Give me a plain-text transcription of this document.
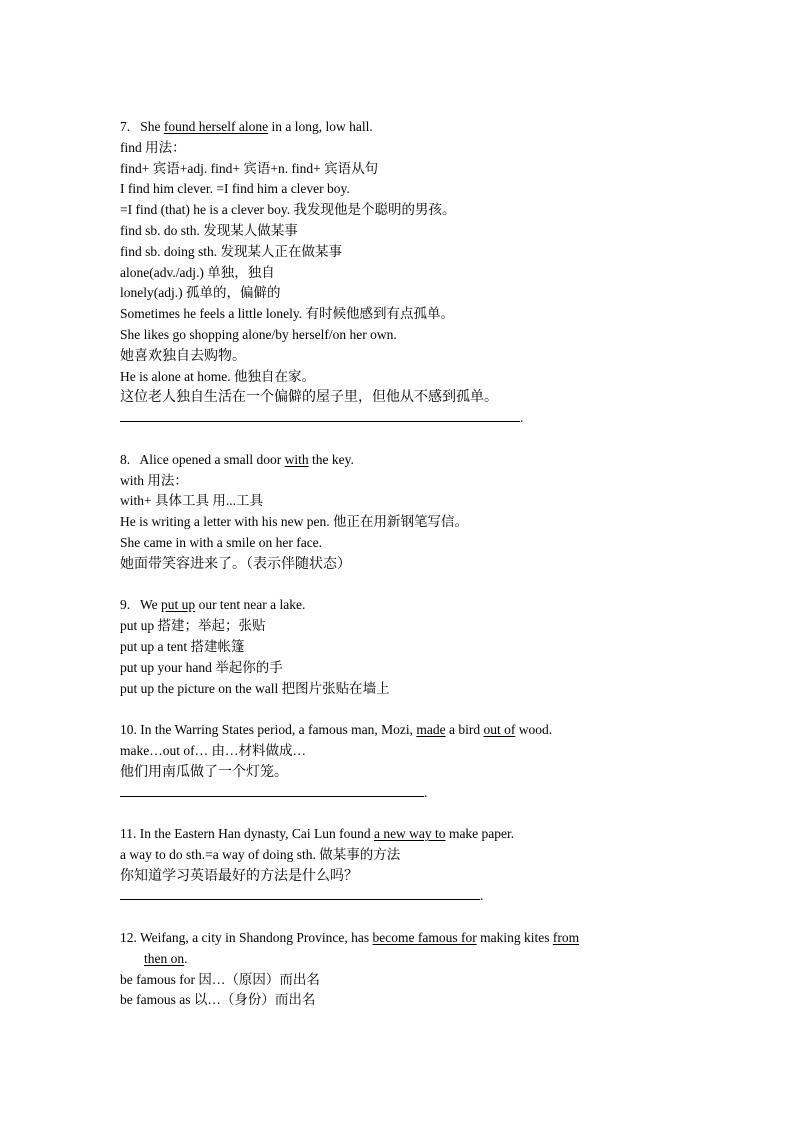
7. She found herself alone in a long, low hall.
find 用法：
find+ 宾语+adj. find+ 宾语+n. find+ 宾语从句
I find him clever. =I find him a clever boy.
=I find (that) he is a clever boy. 我发现他是个聪明的男孩。
find sb. do sth. 发现某人做某事
find sb. doing sth. 发现某人正在做某事
alone(adv./adj.) 单独，独自
lonely(adj.) 孤单的，偏僻的
Sometimes he feels a little lonely. 有时候他感到有点孤单。
She likes go shopping alone/by herself/on her own.
她喜欢独自去购物。
He is alone at home. 他独自在家。
这位老人独自生活在一个偏僻的屋子里，但他从不感到孤单。
.
8. Alice opened a small door with the key.
with 用法：
with+ 具体工具 用...工具
He is writing a letter with his new pen. 他正在用新钢笔写信。
She came in with a smile on her face.
她面带笑容进来了。（表示伴随状态）
9. We put up our tent near a lake.
put up 搭建；举起；张贴
put up a tent 搭建帐篷
put up your hand 举起你的手
put up the picture on the wall 把图片张贴在墙上
10. In the Warring States period, a famous man, Mozi, made a bird out of wood.
make…out of… 由…材料做成…
他们用南瓜做了一个灯笼。
.
11. In the Eastern Han dynasty, Cai Lun found a new way to make paper.
a way to do sth.=a way of doing sth. 做某事的方法
你知道学习英语最好的方法是什么吗？
.
12. Weifang, a city in Shandong Province, has become famous for making kites from
then on.
be famous for 因…（原因）而出名
be famous as 以…（身份）而出名
